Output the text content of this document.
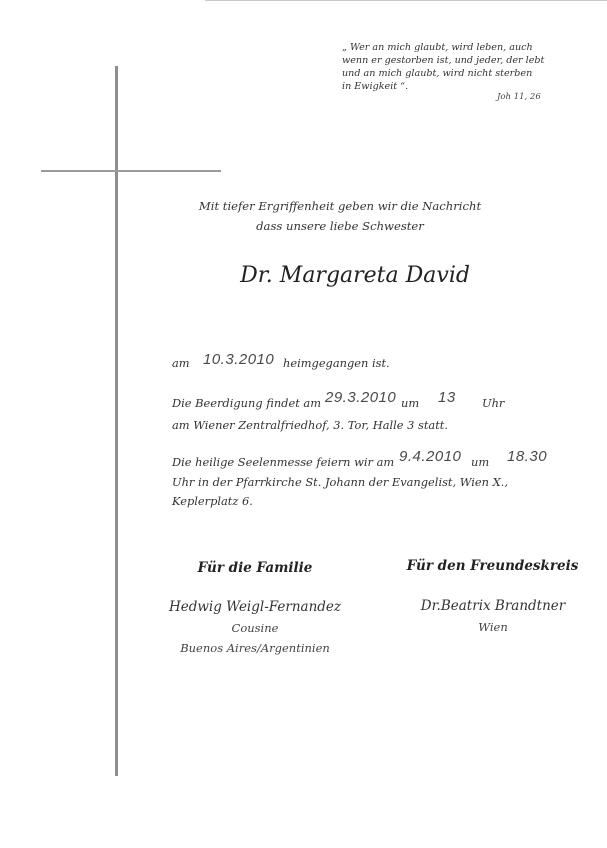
„ Wer an mich glaubt, wird leben, auch
wenn er gestorben ist, und jeder, der lebt
und an mich glaubt, wird nicht sterben
in Ewigkeit “.
Joh 11, 26
Mit tiefer Ergriffenheit geben wir die Nachricht
dass unsere liebe Schwester
Dr. Margareta David
am 10.3.2010 heimgegangen ist.
Die Beerdigung findet am 29.3.2010 um 13 Uhr
am Wiener Zentralfriedhof, 3. Tor, Halle 3 statt.
Die heilige Seelenmesse feiern wir am 9.4.2010 um 18.30
Uhr in der Pfarrkirche St. Johann der Evangelist, Wien X.,
Keplerplatz 6.
Für die Familie
Hedwig Weigl-Fernandez
Cousine
Buenos Aires/Argentinien
Für den Freundeskreis
Dr.Beatrix Brandtner
Wien
